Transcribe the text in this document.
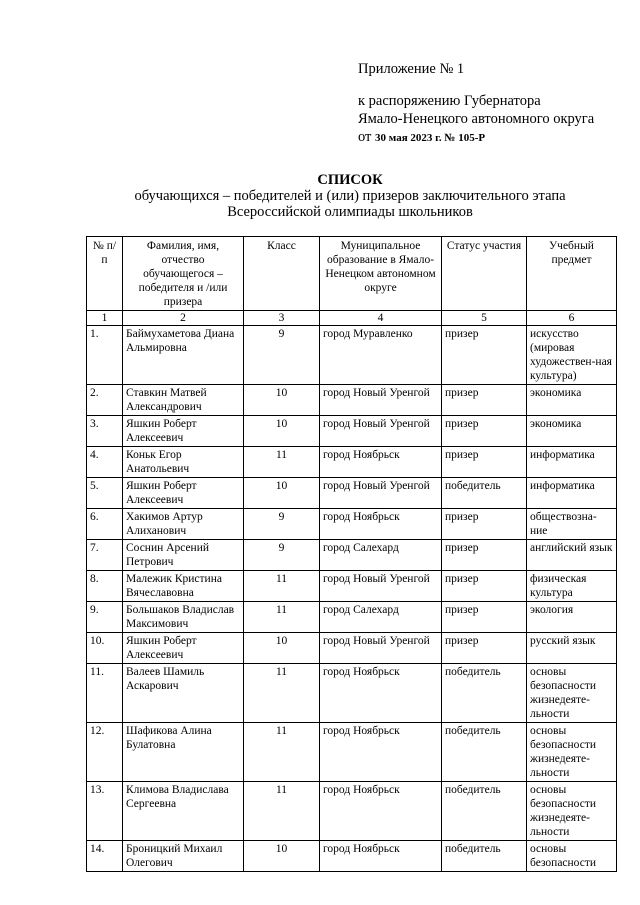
Приложение № 1
к распоряжению Губернатора
Ямало-Ненецкого автономного округа
от 30 мая 2023 г. № 105-Р
СПИСОК
обучающихся – победителей и (или) призеров заключительного этапа
Всероссийской олимпиады школьников
№ п/п	Фамилия, имя, отчество обучающегося – победителя и /или призера	Класс	Муниципальное образование в Ямало-Ненецком автономном округе	Статус участия	Учебный предмет
1	2	3	4	5	6
1.	Баймухаметова Диана Альмировна	9	город Муравленко	призер	искусство (мировая художествен-ная культура)
2.	Ставкин Матвей Александрович	10	город Новый Уренгой	призер	экономика
3.	Яшкин Роберт Алексеевич	10	город Новый Уренгой	призер	экономика
4.	Коньк Егор Анатольевич	11	город Ноябрьск	призер	информатика
5.	Яшкин Роберт Алексеевич	10	город Новый Уренгой	победитель	информатика
6.	Хакимов Артур Алиханович	9	город Ноябрьск	призер	обществозна-ние
7.	Соснин Арсений Петрович	9	город Салехард	призер	английский язык
8.	Малежик Кристина Вячеславовна	11	город Новый Уренгой	призер	физическая культура
9.	Большаков Владислав Максимович	11	город Салехард	призер	экология
10.	Яшкин Роберт Алексеевич	10	город Новый Уренгой	призер	русский язык
11.	Валеев Шамиль Аскарович	11	город Ноябрьск	победитель	основы безопасности жизнедеяте-льности
12.	Шафикова Алина Булатовна	11	город Ноябрьск	победитель	основы безопасности жизнедеяте-льности
13.	Климова Владислава Сергеевна	11	город Ноябрьск	победитель	основы безопасности жизнедеяте-льности
14.	Броницкий Михаил Олегович	10	город Ноябрьск	победитель	основы безопасности
